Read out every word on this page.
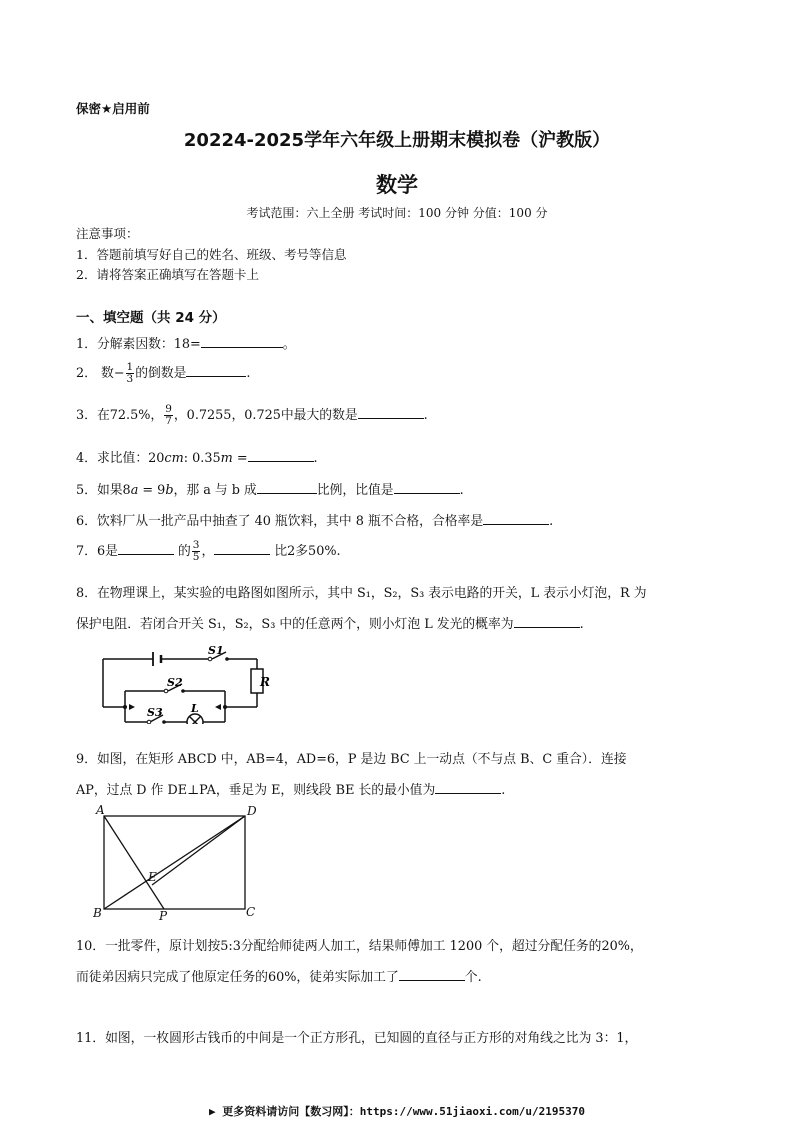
保密★启用前
20224-2025学年六年级上册期末模拟卷（沪教版）
数学
考试范围：六上全册 考试时间：100 分钟 分值：100 分
注意事项：
1．答题前填写好自己的姓名、班级、考号等信息
2．请将答案正确填写在答题卡上
一、填空题（共 24 分）
1．分解素因数：18=	。
2． 数− $\frac{1}{3}$ 的倒数是	.
3．在72.5%， $\frac{9}{7}$ ，0.7255，0.725̇中最大的数是	.
4．求比值：20cm: 0.35m =	.
5．如果8a = 9b，那 a 与 b 成	比例，比值是	.
6．饮料厂从一批产品中抽查了 40 瓶饮料，其中 8 瓶不合格，合格率是	.
7．6是	的 $\frac{3}{5}$ ，	比2多50%.
8．在物理课上，某实验的电路图如图所示，其中 S₁，S₂，S₃ 表示电路的开关，L 表示小灯泡，R 为
保护电阻．若闭合开关 S₁，S₂，S₃ 中的任意两个，则小灯泡 L 发光的概率为	.
S1
S2
S3	L
R
9．如图，在矩形 ABCD 中，AB=4，AD=6，P 是边 BC 上一动点（不与点 B、C 重合）．连接
AP，过点 D 作 DE⊥PA，垂足为 E，则线段 BE 长的最小值为	.
A	D
B	C
E
P
10．一批零件，原计划按5:3分配给师徒两人加工，结果师傅加工 1200 个，超过分配任务的20%，
而徒弟因病只完成了他原定任务的60%，徒弟实际加工了	个.
11．如图，一枚圆形古钱币的中间是一个正方形孔，已知圆的直径与正方形的对角线之比为 3：1，
▶ 更多资料请访问【数习网】：https://www.51jiaoxi.com/u/2195370
